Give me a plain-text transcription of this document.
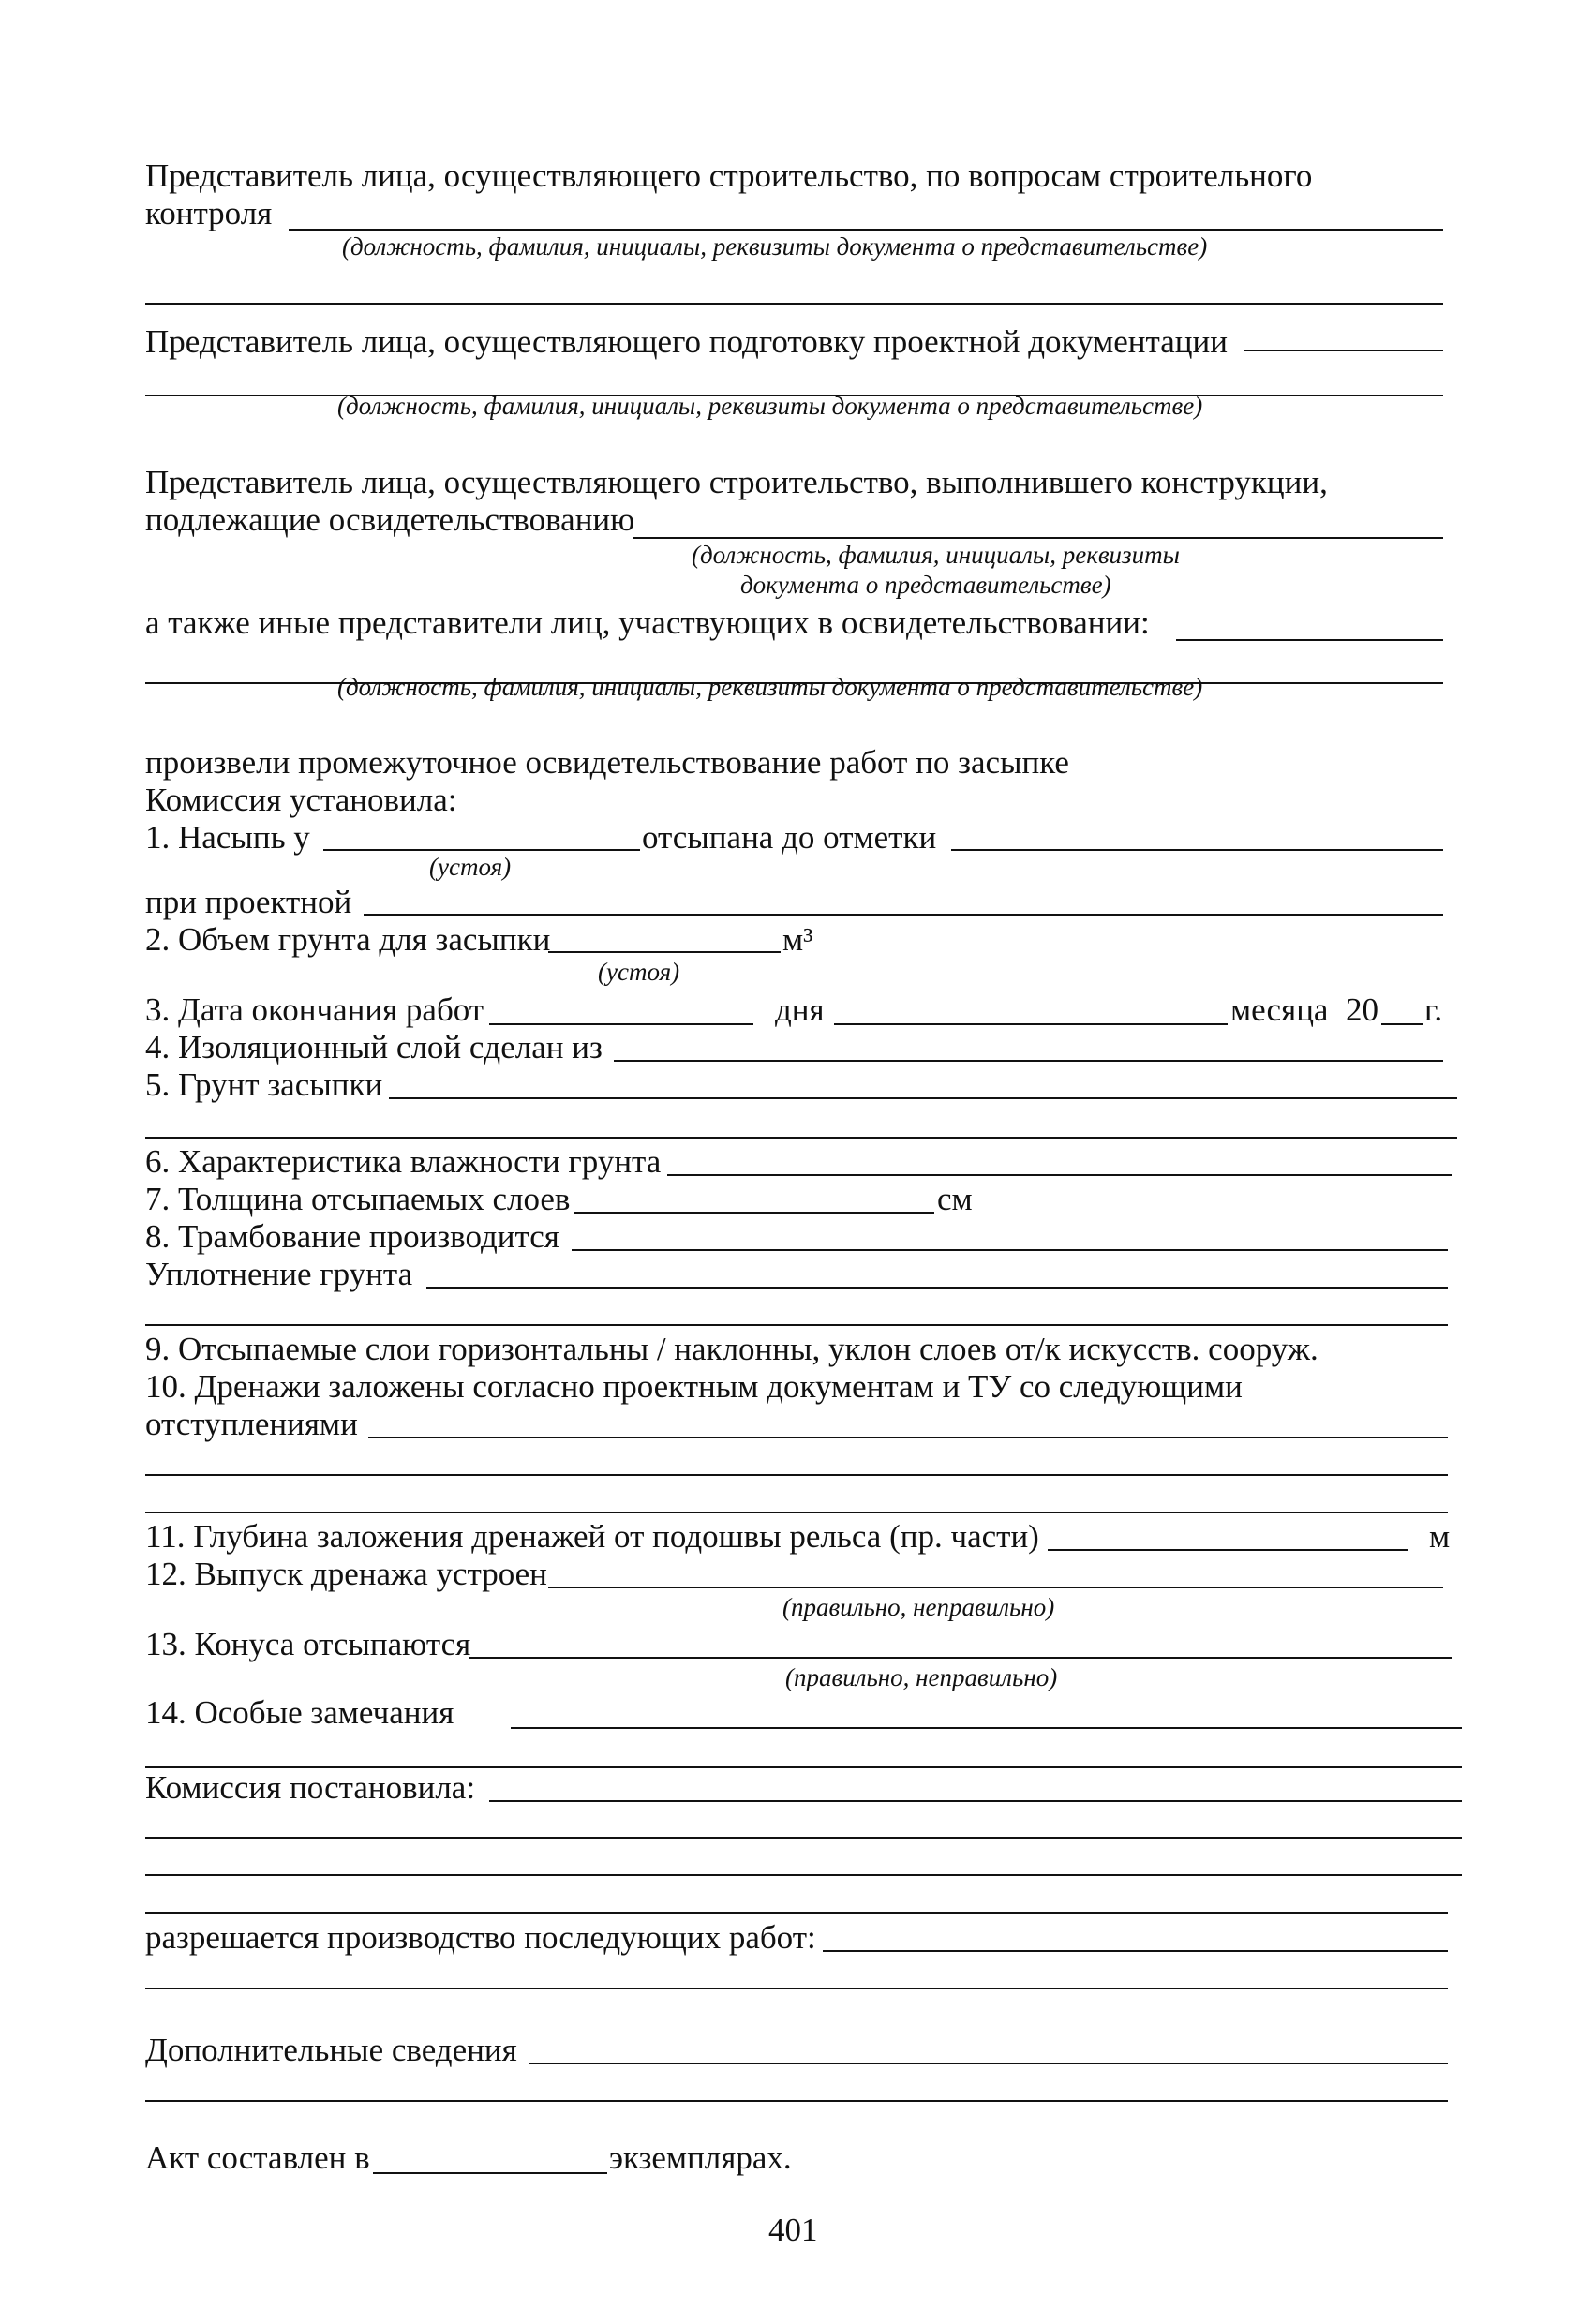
Представитель лица, осуществляющего строительство, по вопросам строительного
контроля
(должность, фамилия, инициалы, реквизиты документа о представительстве)
Представитель лица, осуществляющего подготовку проектной документации
(должность, фамилия, инициалы, реквизиты документа о представительстве)
Представитель лица, осуществляющего строительство, выполнившего конструкции,
подлежащие освидетельствованию
(должность, фамилия, инициалы, реквизиты
документа о представительстве)
а также иные представители лиц, участвующих в освидетельствовании:
(должность, фамилия, инициалы, реквизиты документа о представительстве)
произвели промежуточное освидетельствование работ по засыпке
Комиссия установила:
1. Насыпь у	отсыпана до отметки
(устоя)
при проектной
2. Объем грунта для засыпки	м³
(устоя)
3. Дата окончания работ	дня	месяца 20 г.
4. Изоляционный слой сделан из
5. Грунт засыпки
6. Характеристика влажности грунта
7. Толщина отсыпаемых слоев	см
8. Трамбование производится
Уплотнение грунта
9. Отсыпаемые слои горизонтальны / наклонны, уклон слоев от/к искусств. сооруж.
10. Дренажи заложены согласно проектным документам и ТУ со следующими
отступлениями
11. Глубина заложения дренажей от подошвы рельса (пр. части)	м
12. Выпуск дренажа устроен
(правильно, неправильно)
13. Конуса отсыпаются
(правильно, неправильно)
14. Особые замечания
Комиссия постановила:
разрешается производство последующих работ:
Дополнительные сведения
Акт составлен в	экземплярах.
401
